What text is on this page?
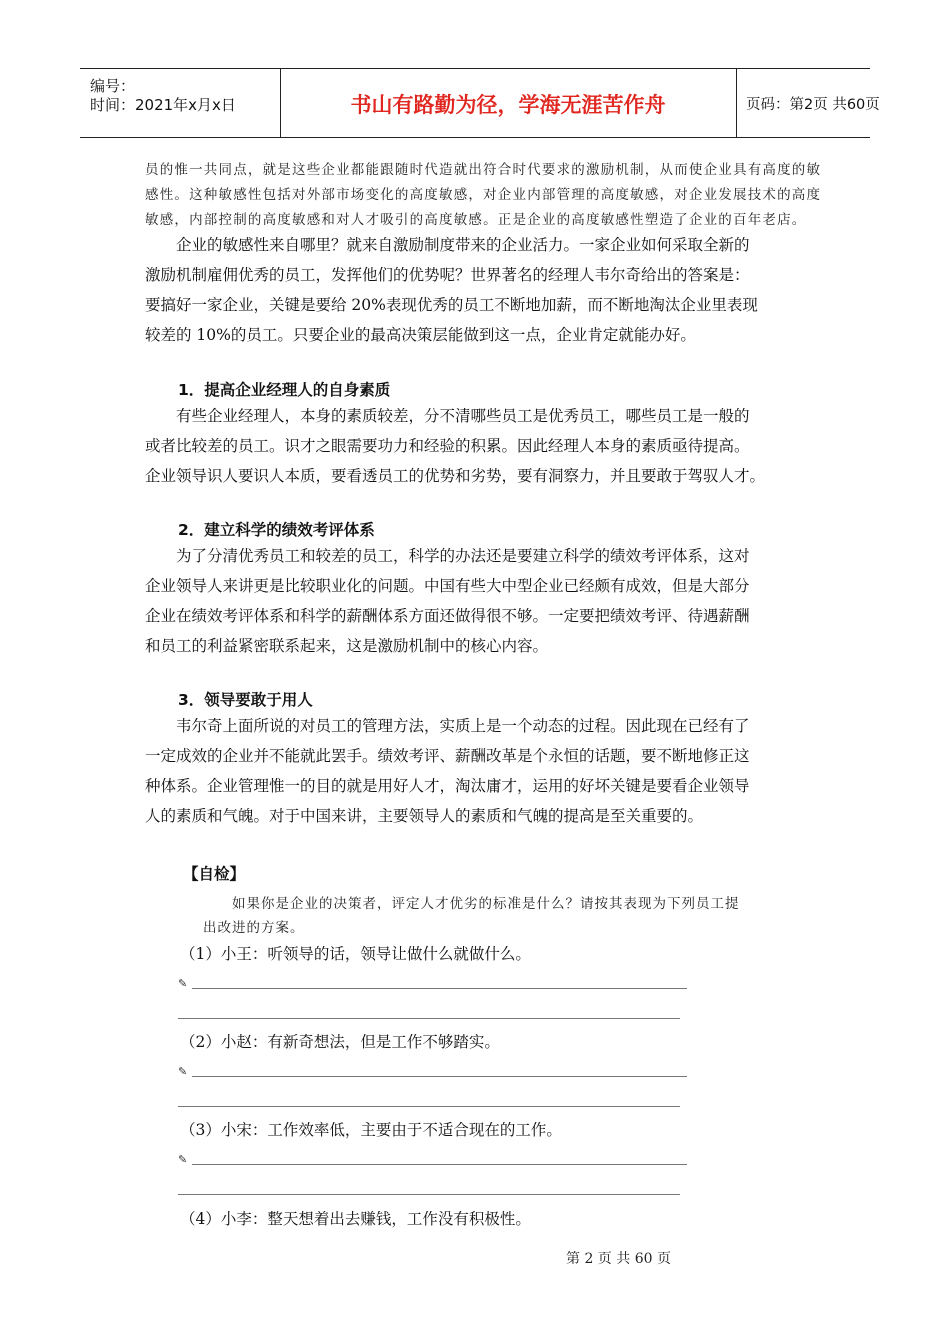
编号：
时间：2021年x月x日	书山有路勤为径，学海无涯苦作舟	页码：第2页 共60页
员的惟一共同点，就是这些企业都能跟随时代造就出符合时代要求的激励机制，从而使企业具有高度的敏
感性。这种敏感性包括对外部市场变化的高度敏感，对企业内部管理的高度敏感，对企业发展技术的高度
敏感，内部控制的高度敏感和对人才吸引的高度敏感。正是企业的高度敏感性塑造了企业的百年老店。
　　企业的敏感性来自哪里？就来自激励制度带来的企业活力。一家企业如何采取全新的
激励机制雇佣优秀的员工，发挥他们的优势呢？世界著名的经理人韦尔奇给出的答案是：
要搞好一家企业，关键是要给 20%表现优秀的员工不断地加薪，而不断地淘汰企业里表现
较差的 10%的员工。只要企业的最高决策层能做到这一点，企业肯定就能办好。
1．提高企业经理人的自身素质
　　有些企业经理人，本身的素质较差，分不清哪些员工是优秀员工，哪些员工是一般的
或者比较差的员工。识才之眼需要功力和经验的积累。因此经理人本身的素质亟待提高。
企业领导识人要识人本质，要看透员工的优势和劣势，要有洞察力，并且要敢于驾驭人才。
2．建立科学的绩效考评体系
　　为了分清优秀员工和较差的员工，科学的办法还是要建立科学的绩效考评体系，这对
企业领导人来讲更是比较职业化的问题。中国有些大中型企业已经颇有成效，但是大部分
企业在绩效考评体系和科学的薪酬体系方面还做得很不够。一定要把绩效考评、待遇薪酬
和员工的利益紧密联系起来，这是激励机制中的核心内容。
3．领导要敢于用人
　　韦尔奇上面所说的对员工的管理方法，实质上是一个动态的过程。因此现在已经有了
一定成效的企业并不能就此罢手。绩效考评、薪酬改革是个永恒的话题，要不断地修正这
种体系。企业管理惟一的目的就是用好人才，淘汰庸才，运用的好坏关键是要看企业领导
人的素质和气魄。对于中国来讲，主要领导人的素质和气魄的提高是至关重要的。
【自检】
如果你是企业的决策者，评定人才优劣的标准是什么？请按其表现为下列员工提
出改进的方案。
（1）小王：听领导的话，领导让做什么就做什么。
✎
（2）小赵：有新奇想法，但是工作不够踏实。
✎
（3）小宋：工作效率低，主要由于不适合现在的工作。
✎
（4）小李：整天想着出去赚钱，工作没有积极性。
第 2 页 共 60 页
